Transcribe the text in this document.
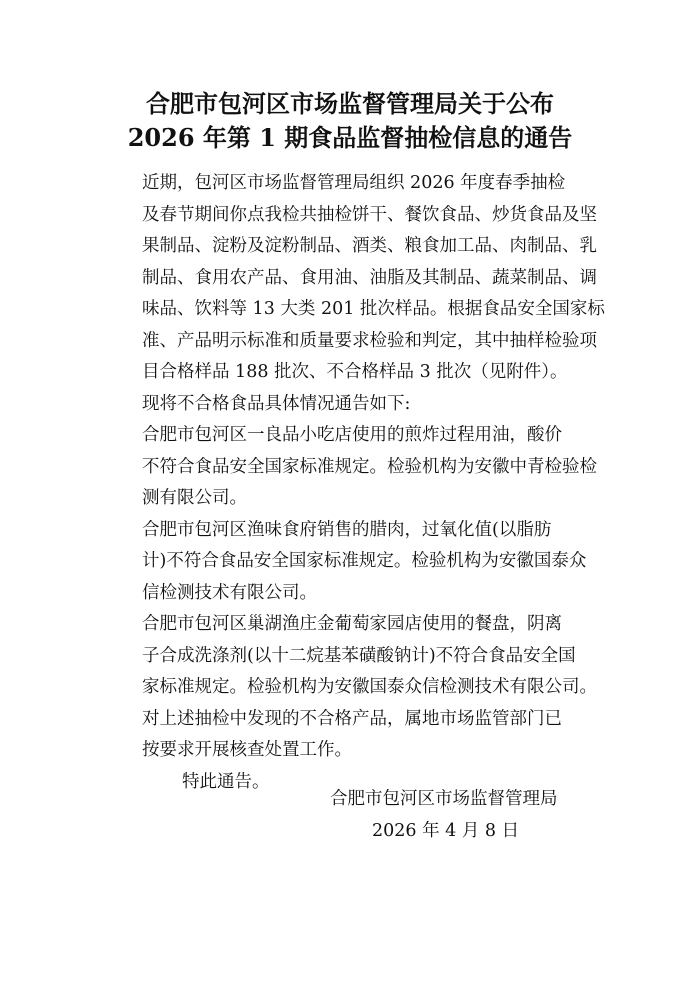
合肥市包河区市场监督管理局关于公布
2026 年第 1 期食品监督抽检信息的通告

近期，包河区市场监督管理局组织 2026 年度春季抽检
及春节期间你点我检共抽检饼干、餐饮食品、炒货食品及坚
果制品、淀粉及淀粉制品、酒类、粮食加工品、肉制品、乳
制品、食用农产品、食用油、油脂及其制品、蔬菜制品、调
味品、饮料等 13 大类 201 批次样品。根据食品安全国家标
准、产品明示标准和质量要求检验和判定，其中抽样检验项
目合格样品 188 批次、不合格样品 3 批次（见附件）。

现将不合格食品具体情况通告如下:

合肥市包河区一良品小吃店使用的煎炸过程用油，酸价
不符合食品安全国家标准规定。检验机构为安徽中青检验检
测有限公司。

合肥市包河区渔味食府销售的腊肉，过氧化值(以脂肪
计)不符合食品安全国家标准规定。检验机构为安徽国泰众
信检测技术有限公司。

合肥市包河区巢湖渔庄金葡萄家园店使用的餐盘，阴离
子合成洗涤剂(以十二烷基苯磺酸钠计)不符合食品安全国
家标准规定。检验机构为安徽国泰众信检测技术有限公司。

对上述抽检中发现的不合格产品，属地市场监管部门已
按要求开展核查处置工作。

特此通告。

合肥市包河区市场监督管理局
2026 年 4 月 8 日
